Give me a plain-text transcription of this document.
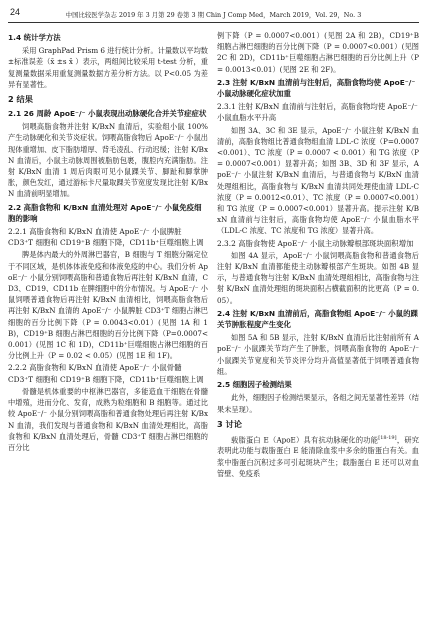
24	中国比较医学杂志 2019 年 3 月第 29 卷第 3 期 Chin J Comp Med，March 2019，Vol. 29，No. 3
1.4 统计学方法

采用 GraphPad Prism 6 进行统计分析。计量数以平均数±标准误差（x̄ ±s x̄ ）表示，两组间比较采用 t-test 分析，重复测量数据采用重复测量数据方差分析方法。以 P<0.05 为差异有显著性。

2 结果
2.1 26 周龄 ApoE⁻/⁻ 小鼠表现出动脉硬化合并关节症症状

饲喂高脂食物并注射 K/BxN 血清后，实验组小鼠 100% 产生动脉硬化和关节炎症状。饲喂高脂食物后 ApoE⁻/⁻ 小鼠出现体重增加、皮下脂肪增厚、背毛凌乱、行动迟缓；注射 K/BxN 血清后，小鼠主动脉周围被脂肪包裹，腹腔内充满脂肪。注射 K/BxN 血清 1 周后肉眼可见小鼠踝关节、脚趾和脚掌肿胀，颜色发红，通过游标卡尺量取踝关节宽度发现比注射 K/BxN 血清前明显增加。

2.2 高脂食物和 K/BxN 血清处理对 ApoE⁻/⁻ 小鼠免疫细胞的影响
2.2.1 高脂食物和 K/BxN 血清使 ApoE⁻/⁻ 小鼠脾脏 CD3⁺T 细胞和 CD19⁺B 细胞下降，CD11b⁺巨噬细胞上调

脾是体内最大的外周淋巴器官，B 细胞与 T 细胞分隔定位于不同区域，是机体体液免疫和体液免疫的中心。我们分析 ApoE⁻/⁻ 小鼠分别饲喂高脂和普通食物后再注射 K/BxN 血清，CD3、CD19、CD11b 在脾细胞中的分布情况。与 ApoE⁻/⁻ 小鼠饲喂普通食物后再注射 K/BxN 血清相比，饲喂高脂食物后再注射 K/BxN 血清的 ApoE⁻/⁻ 小鼠脾脏 CD3⁺T 细胞占淋巴细胞的百分比例下降（P = 0.0043<0.01）(见图 1A 和 1B)，CD19⁺B 细胞占淋巴细胞的百分比例下降（P=0.0007<0.001）(见图 1C 和 1D)，CD11b⁺巨噬细胞占淋巴细胞的百分比例上升（P = 0.02 < 0.05）(见图 1E 和 1F)。

2.2.2 高脂食物和 K/BxN 血清使 ApoE⁻/⁻ 小鼠骨髓 CD3⁺T 细胞和 CD19⁺B 细胞下降，CD11b⁺巨噬细胞上调

骨髓是机体重要的中枢淋巴器官，多能造血干细胞在骨髓中增殖，进而分化、发育，成熟为粒细胞和 B 细胞等。通过比较 ApoE⁻/⁻ 小鼠分别饲喂高脂和普通食物处理后再注射 K/BxN 血清，我们发现与普通食物和 K/BxN 血清处理相比，高脂食物和 K/BxN 血清处理后，骨髓 CD3⁺T 细胞占淋巴细胞的百分比

例下降（P = 0.0007<0.001）(见图 2A 和 2B)，CD19⁺B 细胞占淋巴细胞的百分比例下降（P = 0.0007<0.001）(见图 2C 和 2D)，CD11b⁺巨噬细胞占淋巴细胞的百分比例上升（P = 0.0013<0.01）(见图 2E 和 2F)。

2.3 注射 K/BxN 血清前与注射后，高脂食物均使 ApoE⁻/⁻ 小鼠动脉硬化症状加重
2.3.1 注射 K/BxN 血清前与注射后，高脂食物均使 ApoE⁻/⁻ 小鼠血脂水平升高

如图 3A、3C 和 3E 显示，ApoE⁻/⁻ 小鼠注射 K/BxN 血清前，高脂食物组比普通食物组血清 LDL-C 浓度（P=0.0007<0.001）、TC 浓度（P = 0.0007 < 0.001）和 TG 浓度（P = 0.0007<0.001）显著升高；如图 3B、3D 和 3F 显示，ApoE⁻/⁻ 小鼠注射 K/BxN 血清后，与普通食物与 K/BxN 血清处理组相比，高脂食物与 K/BxN 血清共同处理使血清 LDL-C 浓度（P = 0.0012<0.01）、TC 浓度（P = 0.0007<0.001）和 TG 浓度（P = 0.0007<0.001）显著升高。提示注射 K/BxN 血清前与注射后，高脂食物均使 ApoE⁻/⁻ 小鼠血脂水平（LDL-C 浓度、TC 浓度和 TG 浓度）显著升高。

2.3.2 高脂食物使 ApoE⁻/⁻ 小鼠主动脉瓣根部斑块面积增加

如图 4A 显示，ApoE⁻/⁻ 小鼠饲喂高脂食物和普通食物后注射 K/BxN 血清都能使主动脉瓣根部产生斑块。如图 4B 显示，与普通食物与注射 K/BxN 血清处理组相比，高脂食物与注射 K/BxN 血清处理组的斑块面积占横截面积的比更高（P = 0.05）。

2.4 注射 K/BxN 血清前后，高脂食物组 ApoE⁻/⁻ 小鼠的踝关节肿胀程度产生变化

如图 5A 和 5B 显示，注射 K/BxN 血清后比注射前所有 ApoE⁻/⁻ 小鼠踝关节均产生了肿胀，饲喂高脂食物的 ApoE⁻/⁻ 小鼠踝关节宽度和关节炎评分均升高值显著低于饲喂普通食物组。

2.5 细胞因子检测结果

此外，细胞因子检测结果显示，各组之间无显著性差异（结果未呈现）。

3 讨论

载脂蛋白 E（ApoE）具有抗动脉硬化的功能[18-19]，研究表明此功能与载脂蛋白 E 能清除血浆中多余的脂蛋白有关。血浆中脂蛋白沉积过多可引起斑块产生；载脂蛋白 E 还可以对血管壁、免疫系
